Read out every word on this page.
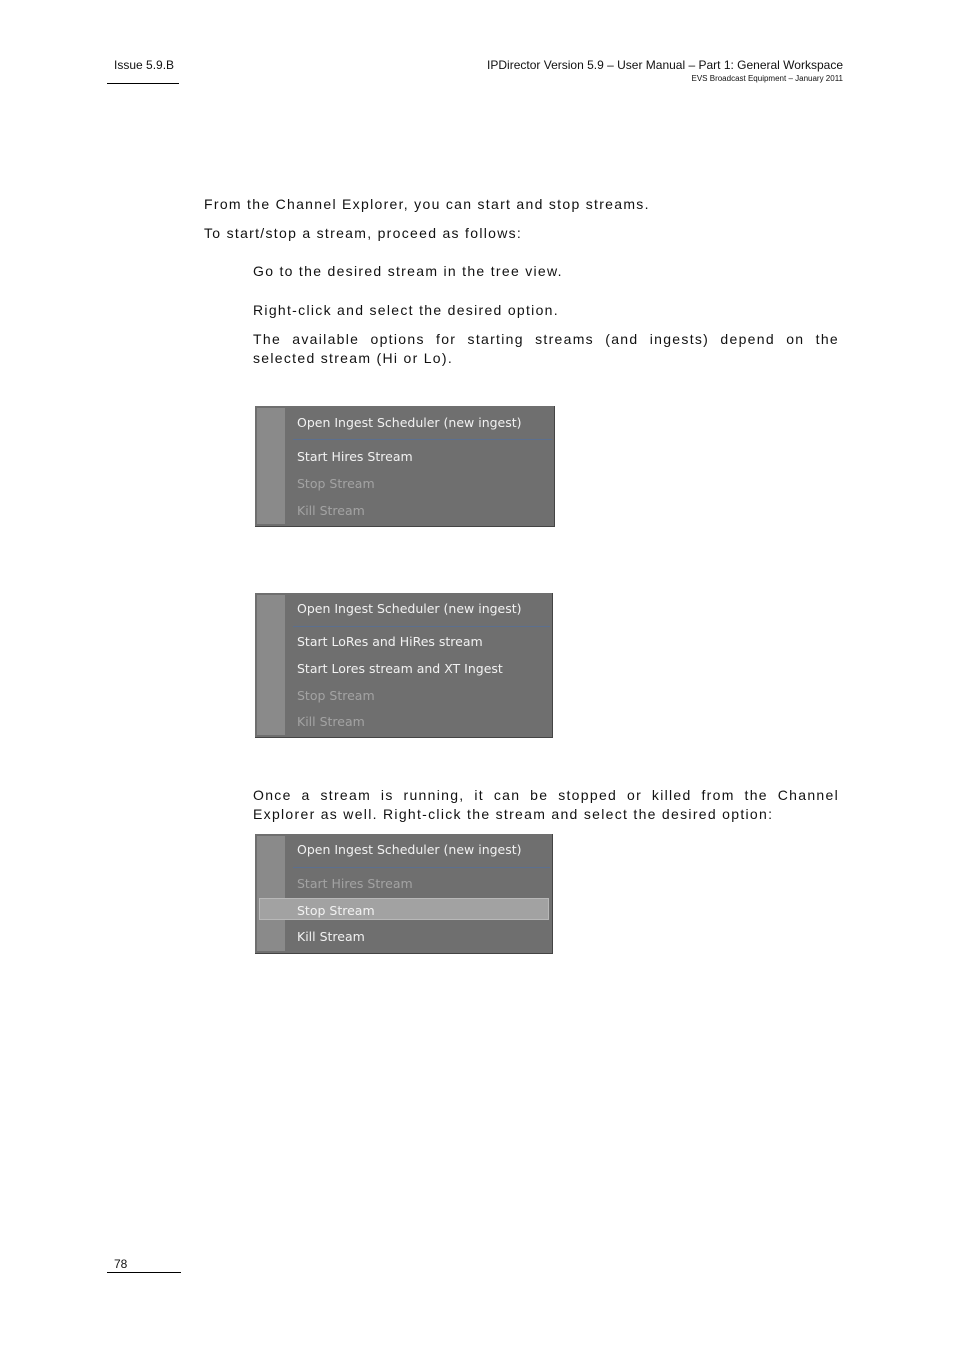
Issue 5.9.B	IPDirector Version 5.9 – User Manual – Part 1: General Workspace
EVS Broadcast Equipment – January 2011

From the Channel Explorer, you can start and stop streams.

To start/stop a stream, proceed as follows:

Go to the desired stream in the tree view.

Right-click and select the desired option.

The available options for starting streams (and ingests) depend on the selected stream (Hi or Lo).

Open Ingest Scheduler (new ingest)
Start Hires Stream
Stop Stream
Kill Stream
Open Ingest Scheduler (new ingest)
Start LoRes and HiRes stream
Start Lores stream and XT Ingest
Stop Stream
Kill Stream

Once a stream is running, it can be stopped or killed from the Channel Explorer as well. Right-click the stream and select the desired option:

Open Ingest Scheduler (new ingest)
Start Hires Stream
Stop Stream
Kill Stream
78
